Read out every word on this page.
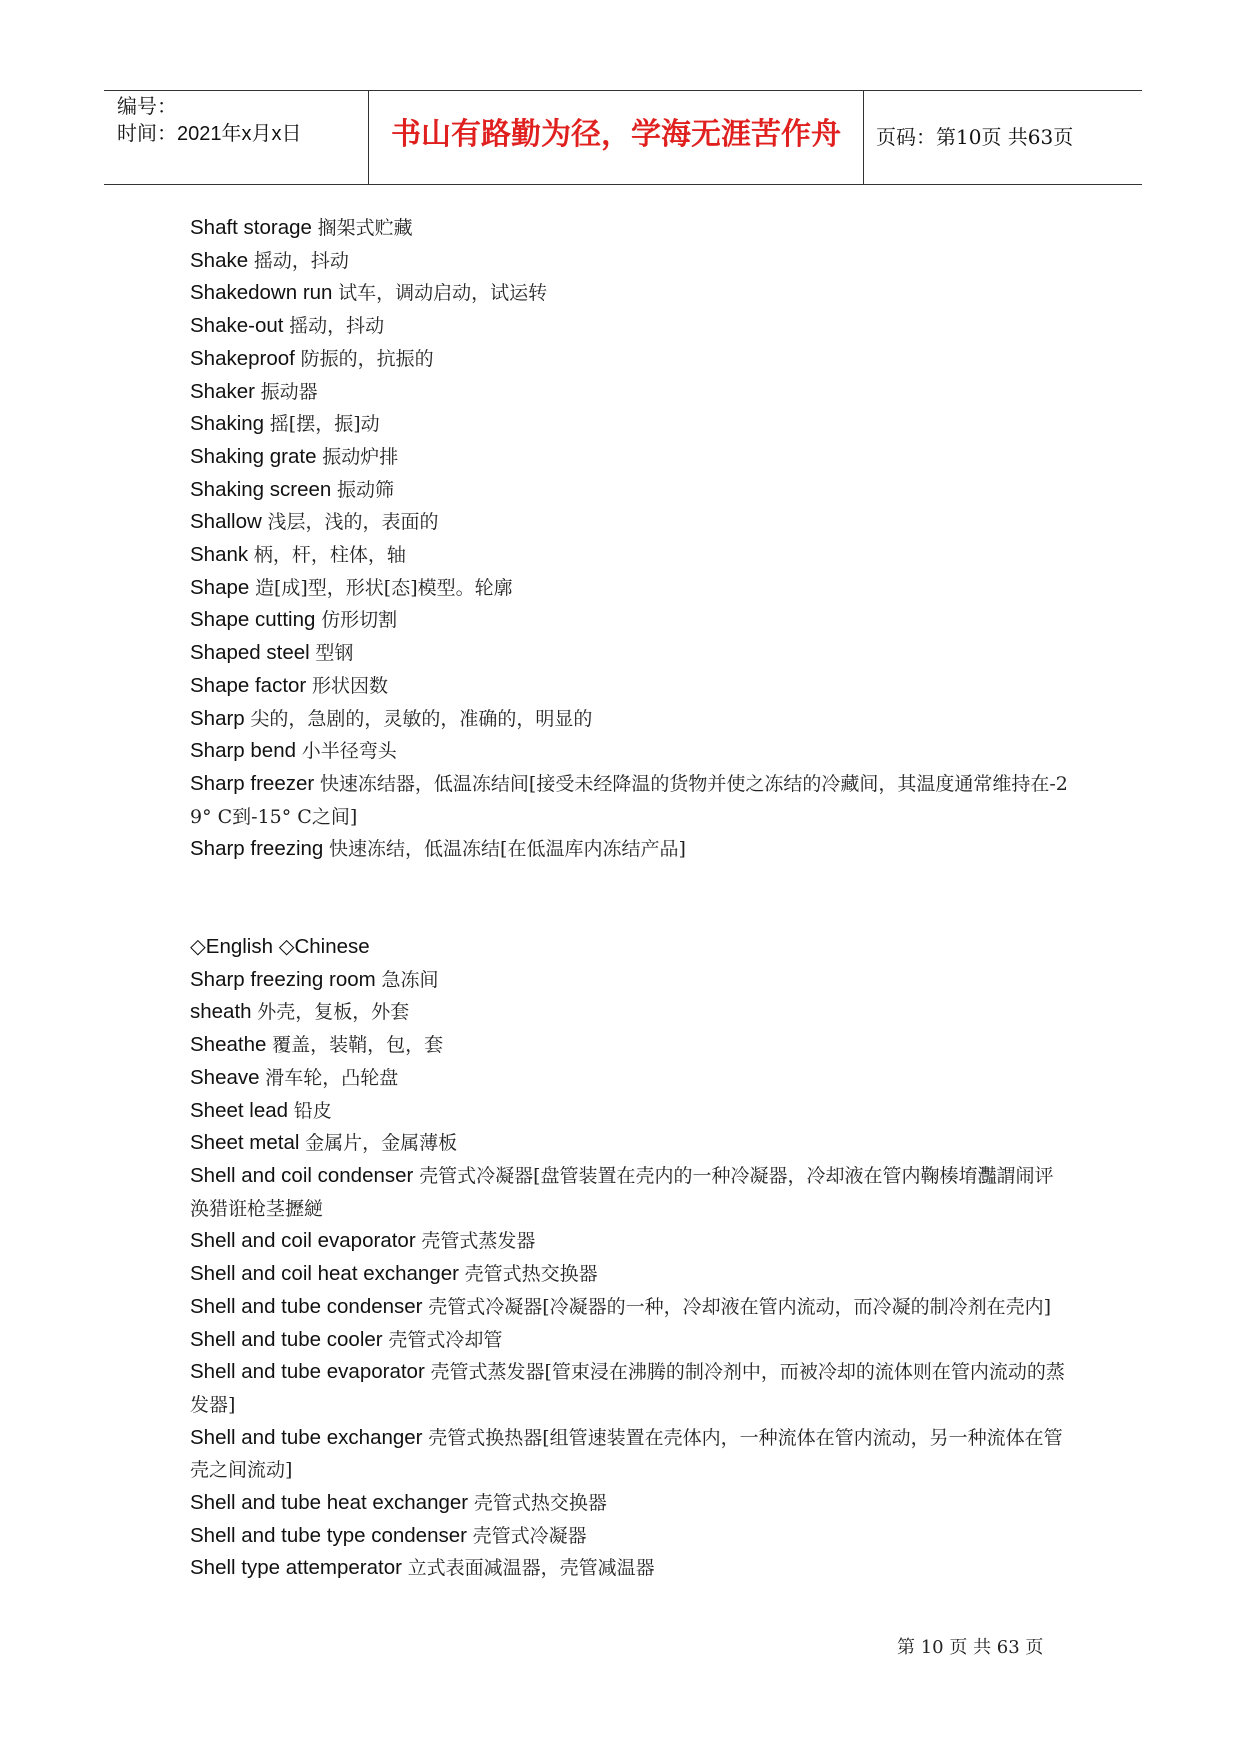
编号：
时间：2021年x月x日	书山有路勤为径，学海无涯苦作舟	页码：第10页 共63页
Shaft storage 搁架式贮藏
Shake 摇动，抖动
Shakedown run 试车，调动启动，试运转
Shake-out 摇动，抖动
Shakeproof 防振的，抗振的
Shaker 振动器
Shaking 摇[摆，振]动
Shaking grate 振动炉排
Shaking screen 振动筛
Shallow 浅层，浅的，表面的
Shank 柄，杆，柱体，轴
Shape 造[成]型，形状[态]模型。轮廓
Shape cutting 仿形切割
Shaped steel 型钢
Shape factor 形状因数
Sharp 尖的，急剧的，灵敏的，准确的，明显的
Sharp bend 小半径弯头
Sharp freezer 快速冻结器，低温冻结间[接受未经降温的货物并使之冻结的冷藏间，其温度通常维持在-29° C到-15° C之间]
Sharp freezing 快速冻结，低温冻结[在低温库内冻结产品]
◇English ◇Chinese
Sharp freezing room 急冻间
sheath 外壳，复板，外套
Sheathe 覆盖，装鞘，包，套
Sheave 滑车轮，凸轮盘
Sheet lead 铅皮
Sheet metal 金属片，金属薄板
Shell and coil condenser 壳管式冷凝器[盘管装置在壳内的一种冷凝器，冷却液在管内鞠楱堉灩謂闹评涣猎诳枪茎攊縌
Shell and coil evaporator 壳管式蒸发器
Shell and coil heat exchanger 壳管式热交换器
Shell and tube condenser 壳管式冷凝器[冷凝器的一种，冷却液在管内流动，而冷凝的制冷剂在壳内]
Shell and tube cooler 壳管式冷却管
Shell and tube evaporator 壳管式蒸发器[管束浸在沸腾的制冷剂中，而被冷却的流体则在管内流动的蒸发器]
Shell and tube exchanger 壳管式换热器[组管速装置在壳体内，一种流体在管内流动，另一种流体在管壳之间流动]
Shell and tube heat exchanger 壳管式热交换器
Shell and tube type condenser 壳管式冷凝器
Shell type attemperator 立式表面减温器，壳管减温器
第 10 页 共 63 页
